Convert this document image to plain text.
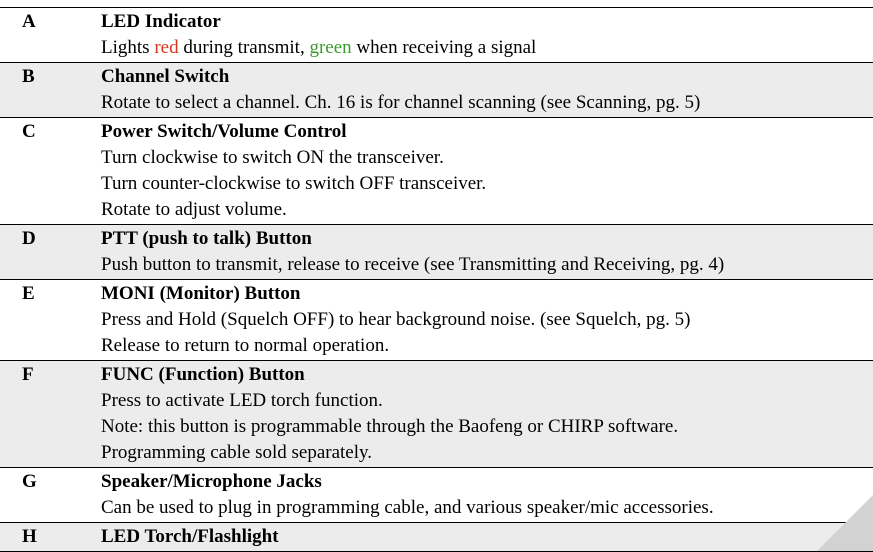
A	LED Indicator
Lights red during transmit, green when receiving a signal
B	Channel Switch
Rotate to select a channel. Ch. 16 is for channel scanning (see Scanning, pg. 5)
C	Power Switch/Volume Control
Turn clockwise to switch ON the transceiver.
Turn counter-clockwise to switch OFF transceiver.
Rotate to adjust volume.
D	PTT (push to talk) Button
Push button to transmit, release to receive (see Transmitting and Receiving, pg. 4)
E	MONI (Monitor) Button
Press and Hold (Squelch OFF) to hear background noise. (see Squelch, pg. 5)
Release to return to normal operation.
F	FUNC (Function) Button
Press to activate LED torch function.
Note: this button is programmable through the Baofeng or CHIRP software.
Programming cable sold separately.
G	Speaker/Microphone Jacks
Can be used to plug in programming cable, and various speaker/mic accessories.
H	LED Torch/Flashlight
